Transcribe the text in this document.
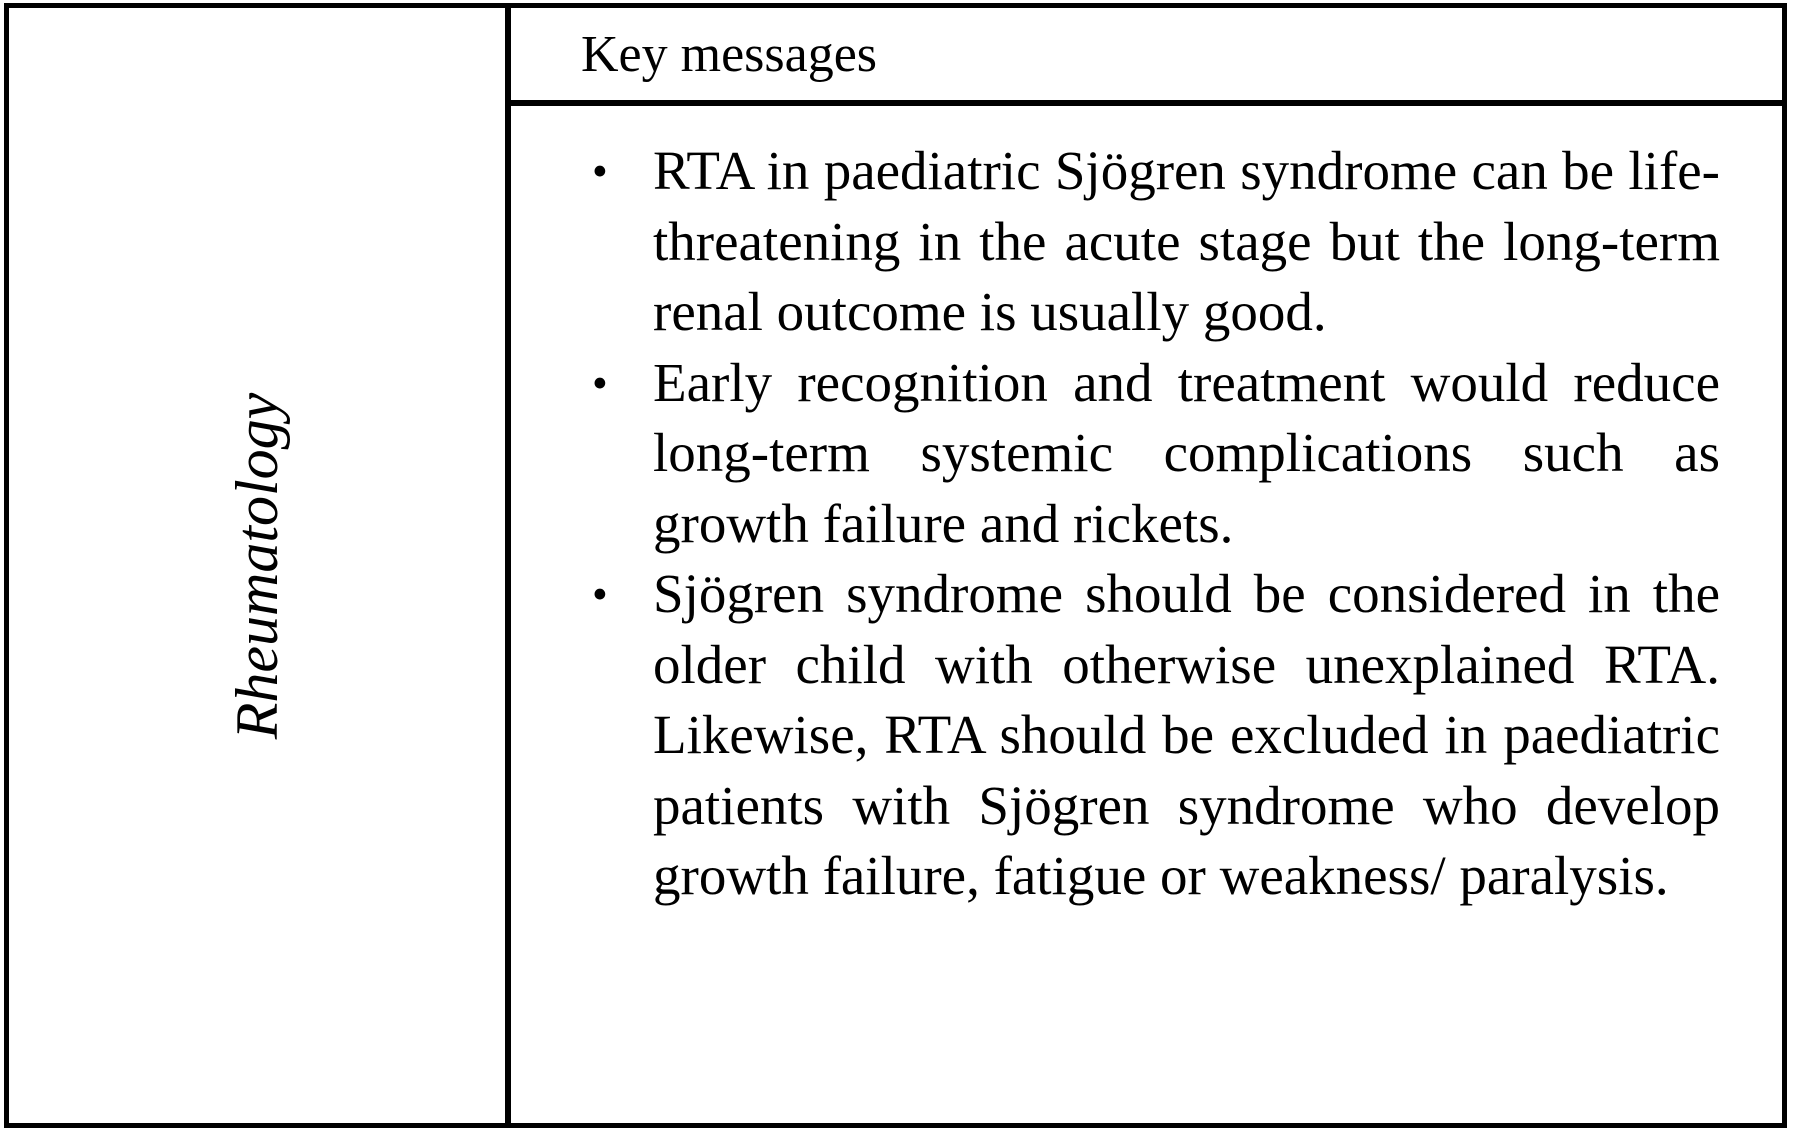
Rheumatology
Key messages
• RTA in paediatric Sjögren syndrome can be life-threatening in the acute stage but the long-term renal outcome is usually good.
• Early recognition and treatment would reduce long-term systemic complications such as growth failure and rickets.
• Sjögren syndrome should be considered in the older child with otherwise unexplained RTA. Likewise, RTA should be excluded in paediatric patients with Sjögren syndrome who develop growth failure, fatigue or weakness/ paralysis.
